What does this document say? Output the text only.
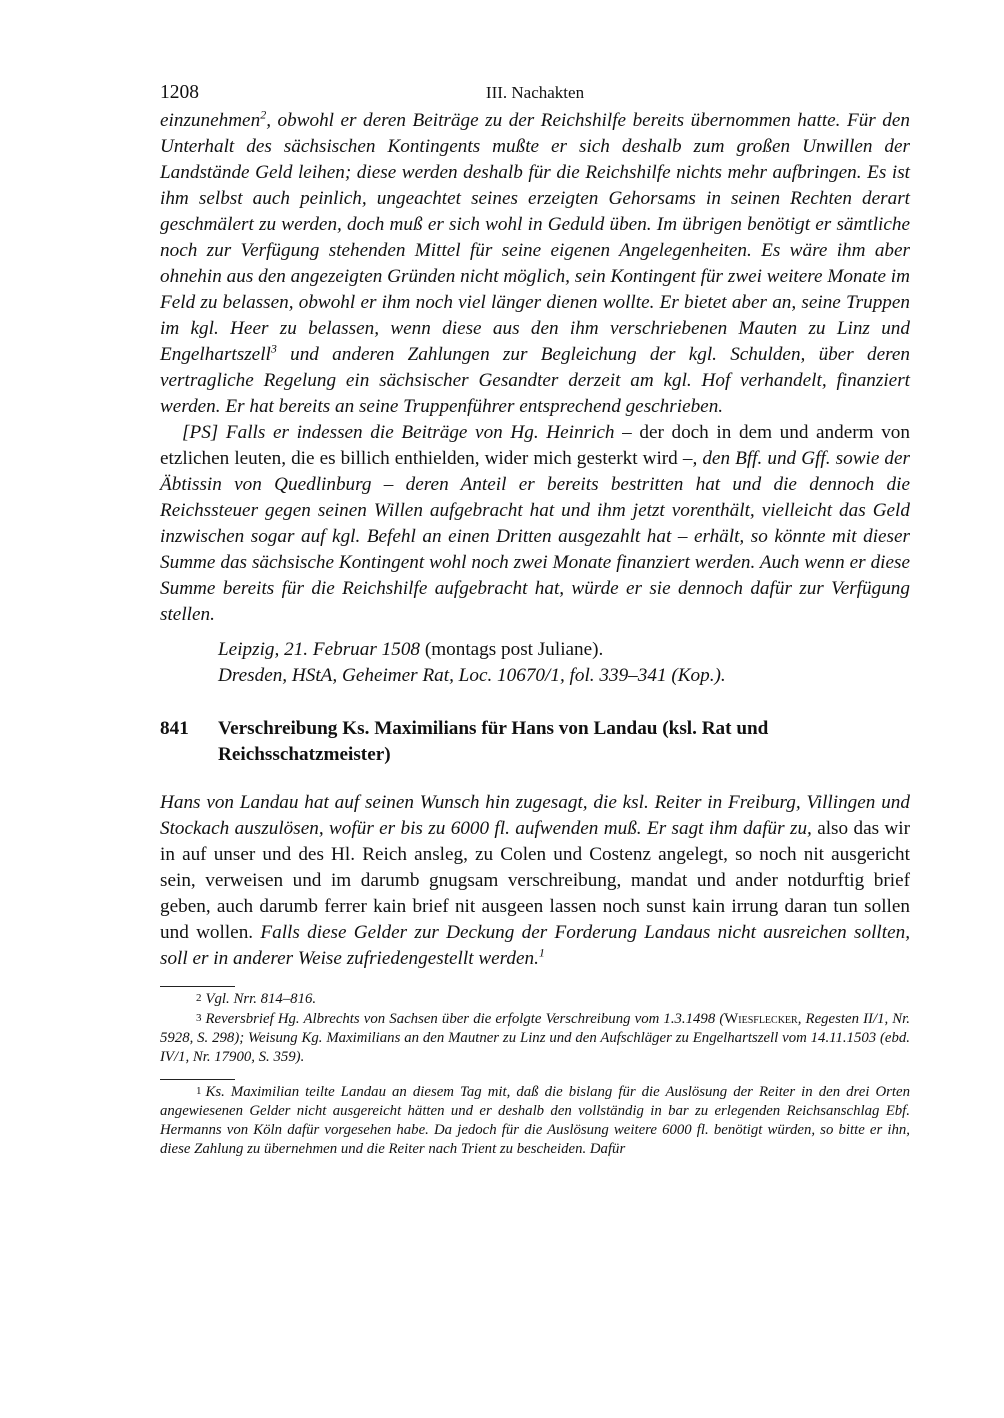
1208	III. Nachakten

einzunehmen$^2$, obwohl er deren Beiträge zu der Reichshilfe bereits übernommen hatte. Für den Unterhalt des sächsischen Kontingents mußte er sich deshalb zum großen Unwillen der Landstände Geld leihen; diese werden deshalb für die Reichshilfe nichts mehr aufbringen. Es ist ihm selbst auch peinlich, ungeachtet seines erzeigten Gehorsams in seinen Rechten derart geschmälert zu werden, doch muß er sich wohl in Geduld üben. Im übrigen benötigt er sämtliche noch zur Verfügung stehenden Mittel für seine eigenen Angelegenheiten. Es wäre ihm aber ohnehin aus den angezeigten Gründen nicht möglich, sein Kontingent für zwei weitere Monate im Feld zu belassen, obwohl er ihm noch viel länger dienen wollte. Er bietet aber an, seine Truppen im kgl. Heer zu belassen, wenn diese aus den ihm verschriebenen Mauten zu Linz und Engelhartszell$^3$ und anderen Zahlungen zur Begleichung der kgl. Schulden, über deren vertragliche Regelung ein sächsischer Gesandter derzeit am kgl. Hof verhandelt, finanziert werden. Er hat bereits an seine Truppenführer entsprechend geschrieben.

[PS] Falls er indessen die Beiträge von Hg. Heinrich – der doch in dem und anderm von etzlichen leuten, die es billich enthielden, wider mich gesterkt wird –, den Bff. und Gff. sowie der Äbtissin von Quedlinburg – deren Anteil er bereits bestritten hat und die dennoch die Reichssteuer gegen seinen Willen aufgebracht hat und ihm jetzt vorenthält, vielleicht das Geld inzwischen sogar auf kgl. Befehl an einen Dritten ausgezahlt hat – erhält, so könnte mit dieser Summe das sächsische Kontingent wohl noch zwei Monate finanziert werden. Auch wenn er diese Summe bereits für die Reichshilfe aufgebracht hat, würde er sie dennoch dafür zur Verfügung stellen.

Leipzig, 21. Februar 1508 (montags post Juliane).
Dresden, HStA, Geheimer Rat, Loc. 10670/1, fol. 339–341 (Kop.).
841	Verschreibung Ks. Maximilians für Hans von Landau (ksl. Rat und Reichsschatzmeister)

Hans von Landau hat auf seinen Wunsch hin zugesagt, die ksl. Reiter in Freiburg, Villingen und Stockach auszulösen, wofür er bis zu 6000 fl. aufwenden muß. Er sagt ihm dafür zu, also das wir in auf unser und des Hl. Reich ansleg, zu Colen und Costenz angelegt, so noch nit ausgericht sein, verweisen und im darumb gnugsam verschreibung, mandat und ander notdurftig brief geben, auch darumb ferrer kain brief nit ausgeen lassen noch sunst kain irrung daran tun sollen und wollen. Falls diese Gelder zur Deckung der Forderung Landaus nicht ausreichen sollten, soll er in anderer Weise zufriedengestellt werden.$^1$

2 Vgl. Nrr. 814–816.
3 Reversbrief Hg. Albrechts von Sachsen über die erfolgte Verschreibung vom 1.3.1498 (Wiesflecker, Regesten II/1, Nr. 5928, S. 298); Weisung Kg. Maximilians an den Mautner zu Linz und den Aufschläger zu Engelhartszell vom 14.11.1503 (ebd. IV/1, Nr. 17900, S. 359).
1 Ks. Maximilian teilte Landau an diesem Tag mit, daß die bislang für die Auslösung der Reiter in den drei Orten angewiesenen Gelder nicht ausgereicht hätten und er deshalb den vollständig in bar zu erlegenden Reichsanschlag Ebf. Hermanns von Köln dafür vorgesehen habe. Da jedoch für die Auslösung weitere 6000 fl. benötigt würden, so bitte er ihn, diese Zahlung zu übernehmen und die Reiter nach Trient zu bescheiden. Dafür
